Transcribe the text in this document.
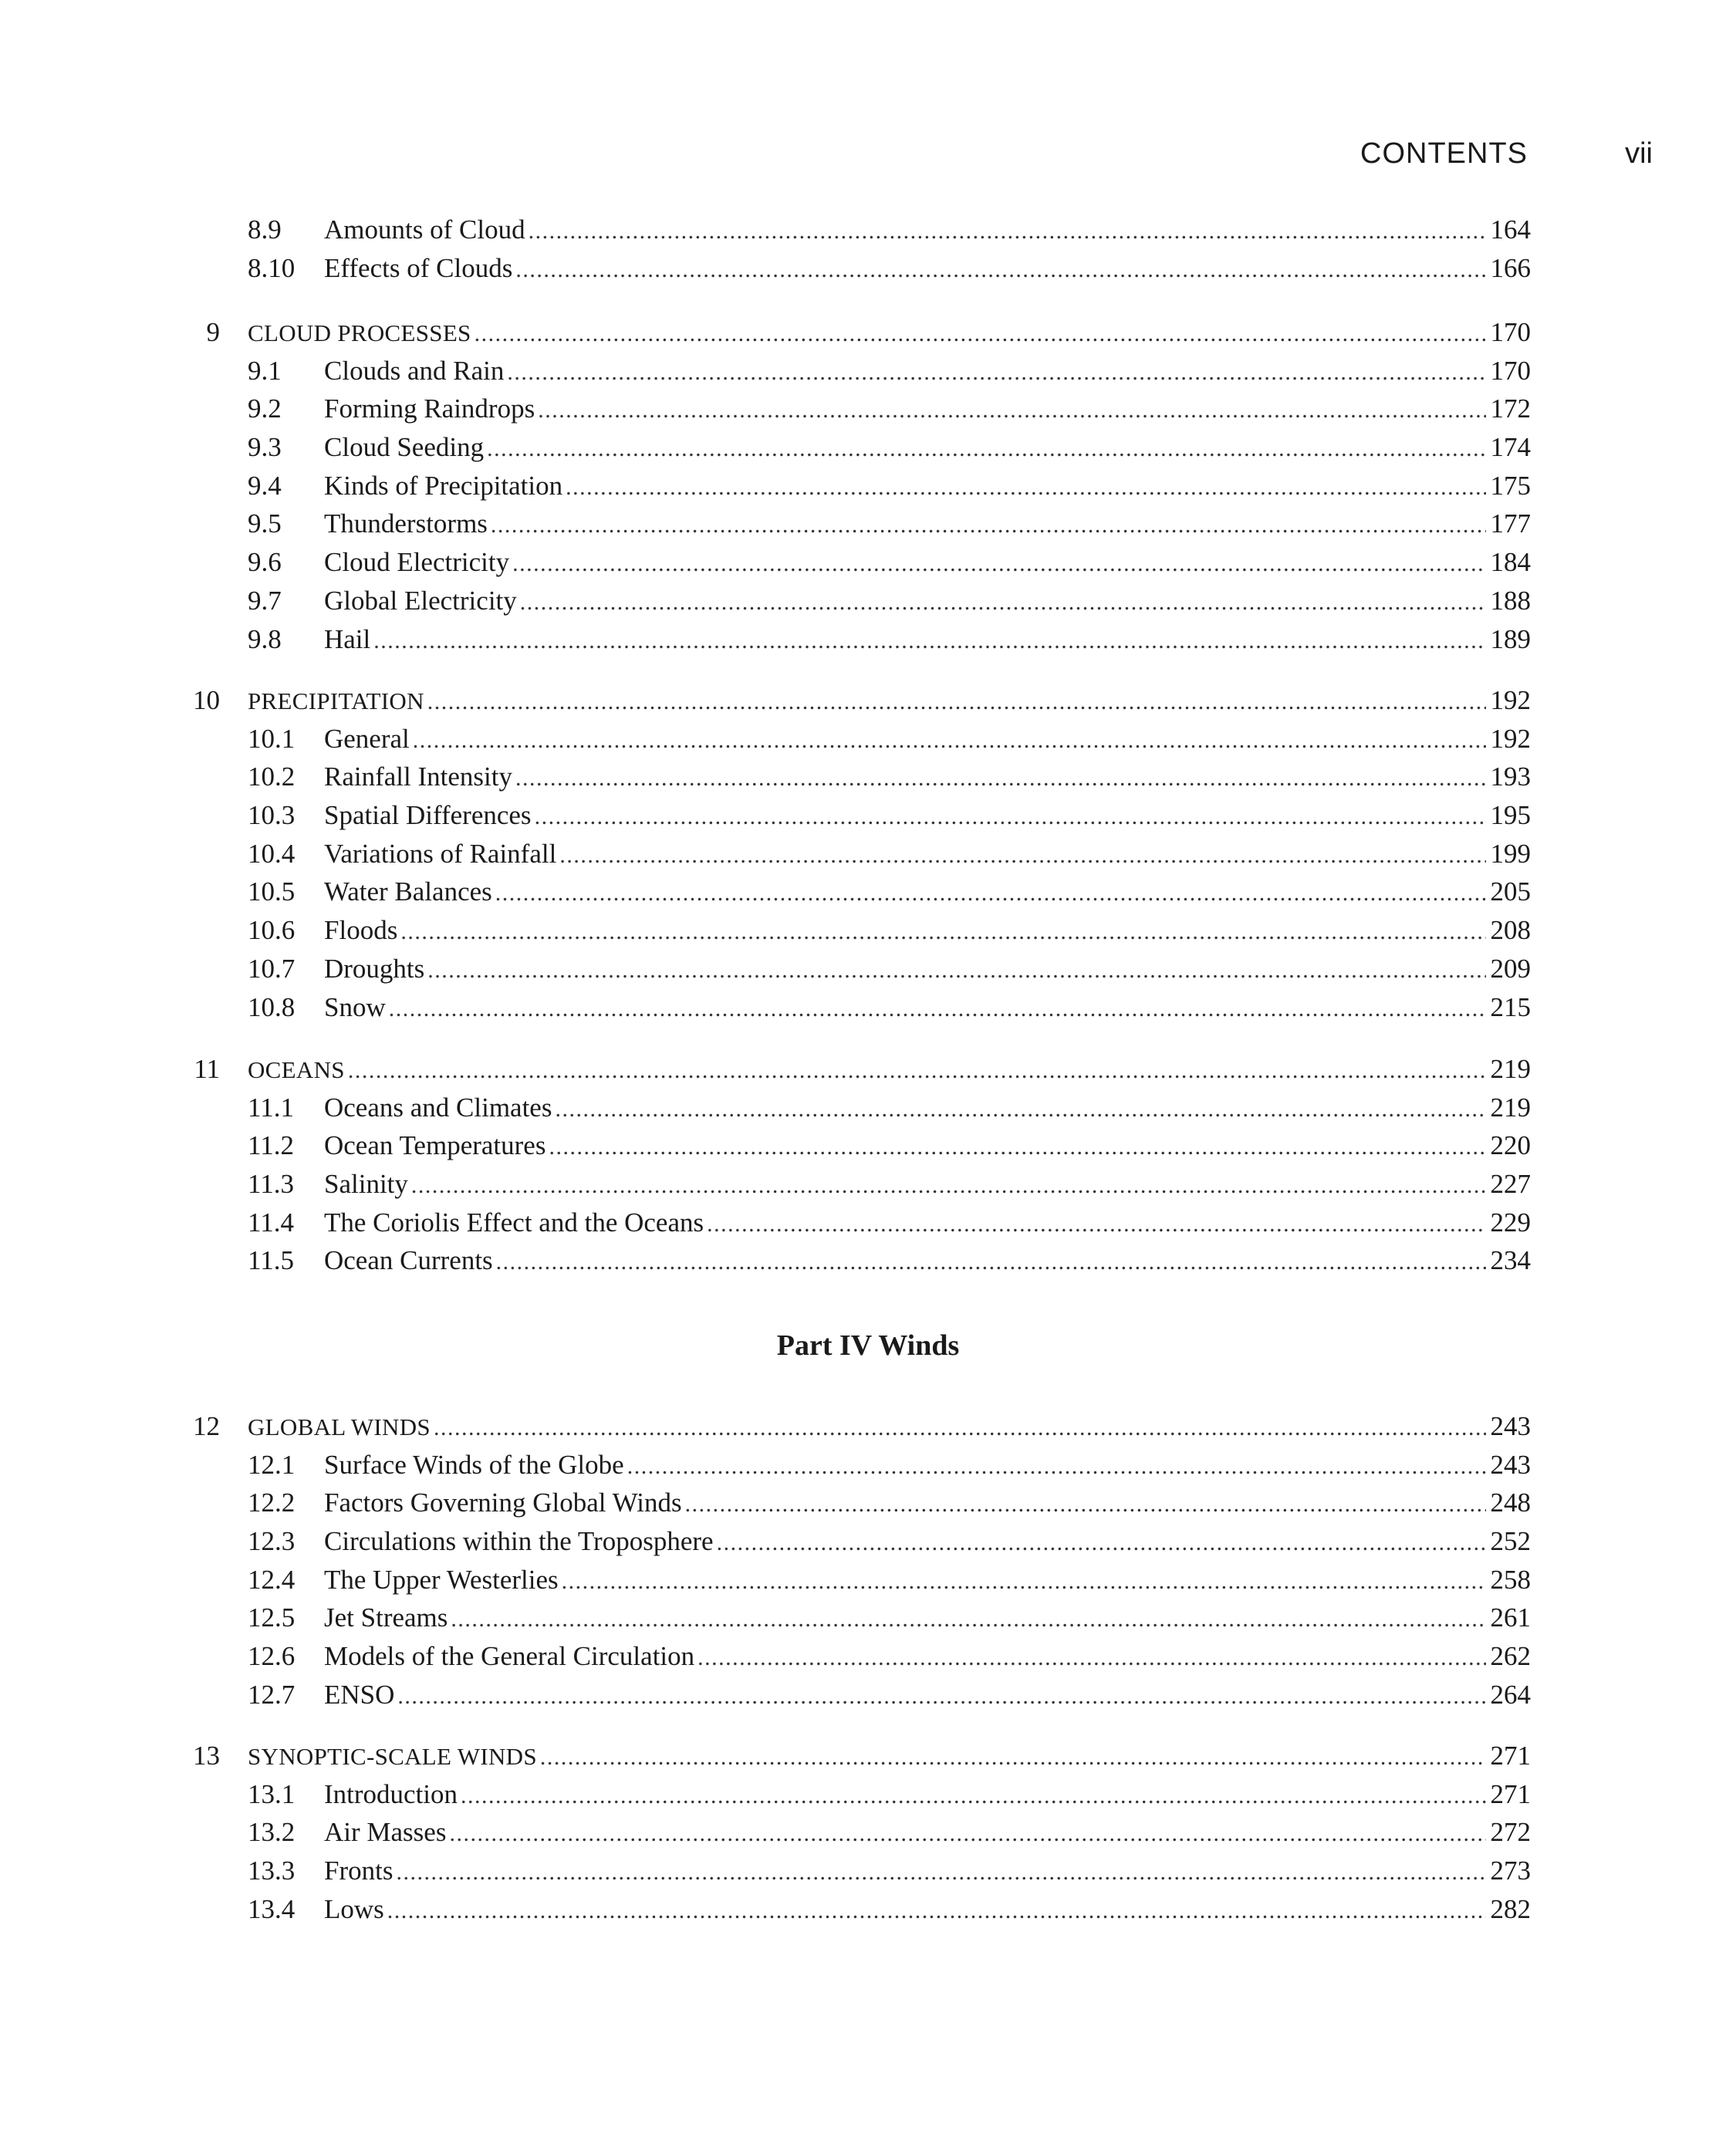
CONTENTS	vii
8.9 Amounts of Cloud . . .	164
8.10 Effects of Clouds . . .	166
9 CLOUD PROCESSES . . .	170
9.1 Clouds and Rain . . .	170
9.2 Forming Raindrops . . .	172
9.3 Cloud Seeding . . .	174
9.4 Kinds of Precipitation . . .	175
9.5 Thunderstorms . . .	177
9.6 Cloud Electricity . . .	184
9.7 Global Electricity . . .	188
9.8 Hail . . .	189
10 PRECIPITATION . . .	192
10.1 General . . .	192
10.2 Rainfall Intensity . . .	193
10.3 Spatial Differences . . .	195
10.4 Variations of Rainfall . . .	199
10.5 Water Balances . . .	205
10.6 Floods . . .	208
10.7 Droughts . . .	209
10.8 Snow . . .	215
11 OCEANS . . .	219
11.1 Oceans and Climates . . .	219
11.2 Ocean Temperatures . . .	220
11.3 Salinity . . .	227
11.4 The Coriolis Effect and the Oceans . . .	229
11.5 Ocean Currents . . .	234
Part IV Winds
12 GLOBAL WINDS . . .	243
12.1 Surface Winds of the Globe . . .	243
12.2 Factors Governing Global Winds . . .	248
12.3 Circulations within the Troposphere . . .	252
12.4 The Upper Westerlies . . .	258
12.5 Jet Streams . . .	261
12.6 Models of the General Circulation . . .	262
12.7 ENSO . . .	264
13 SYNOPTIC-SCALE WINDS . . .	271
13.1 Introduction . . .	271
13.2 Air Masses . . .	272
13.3 Fronts . . .	273
13.4 Lows . . .	282
